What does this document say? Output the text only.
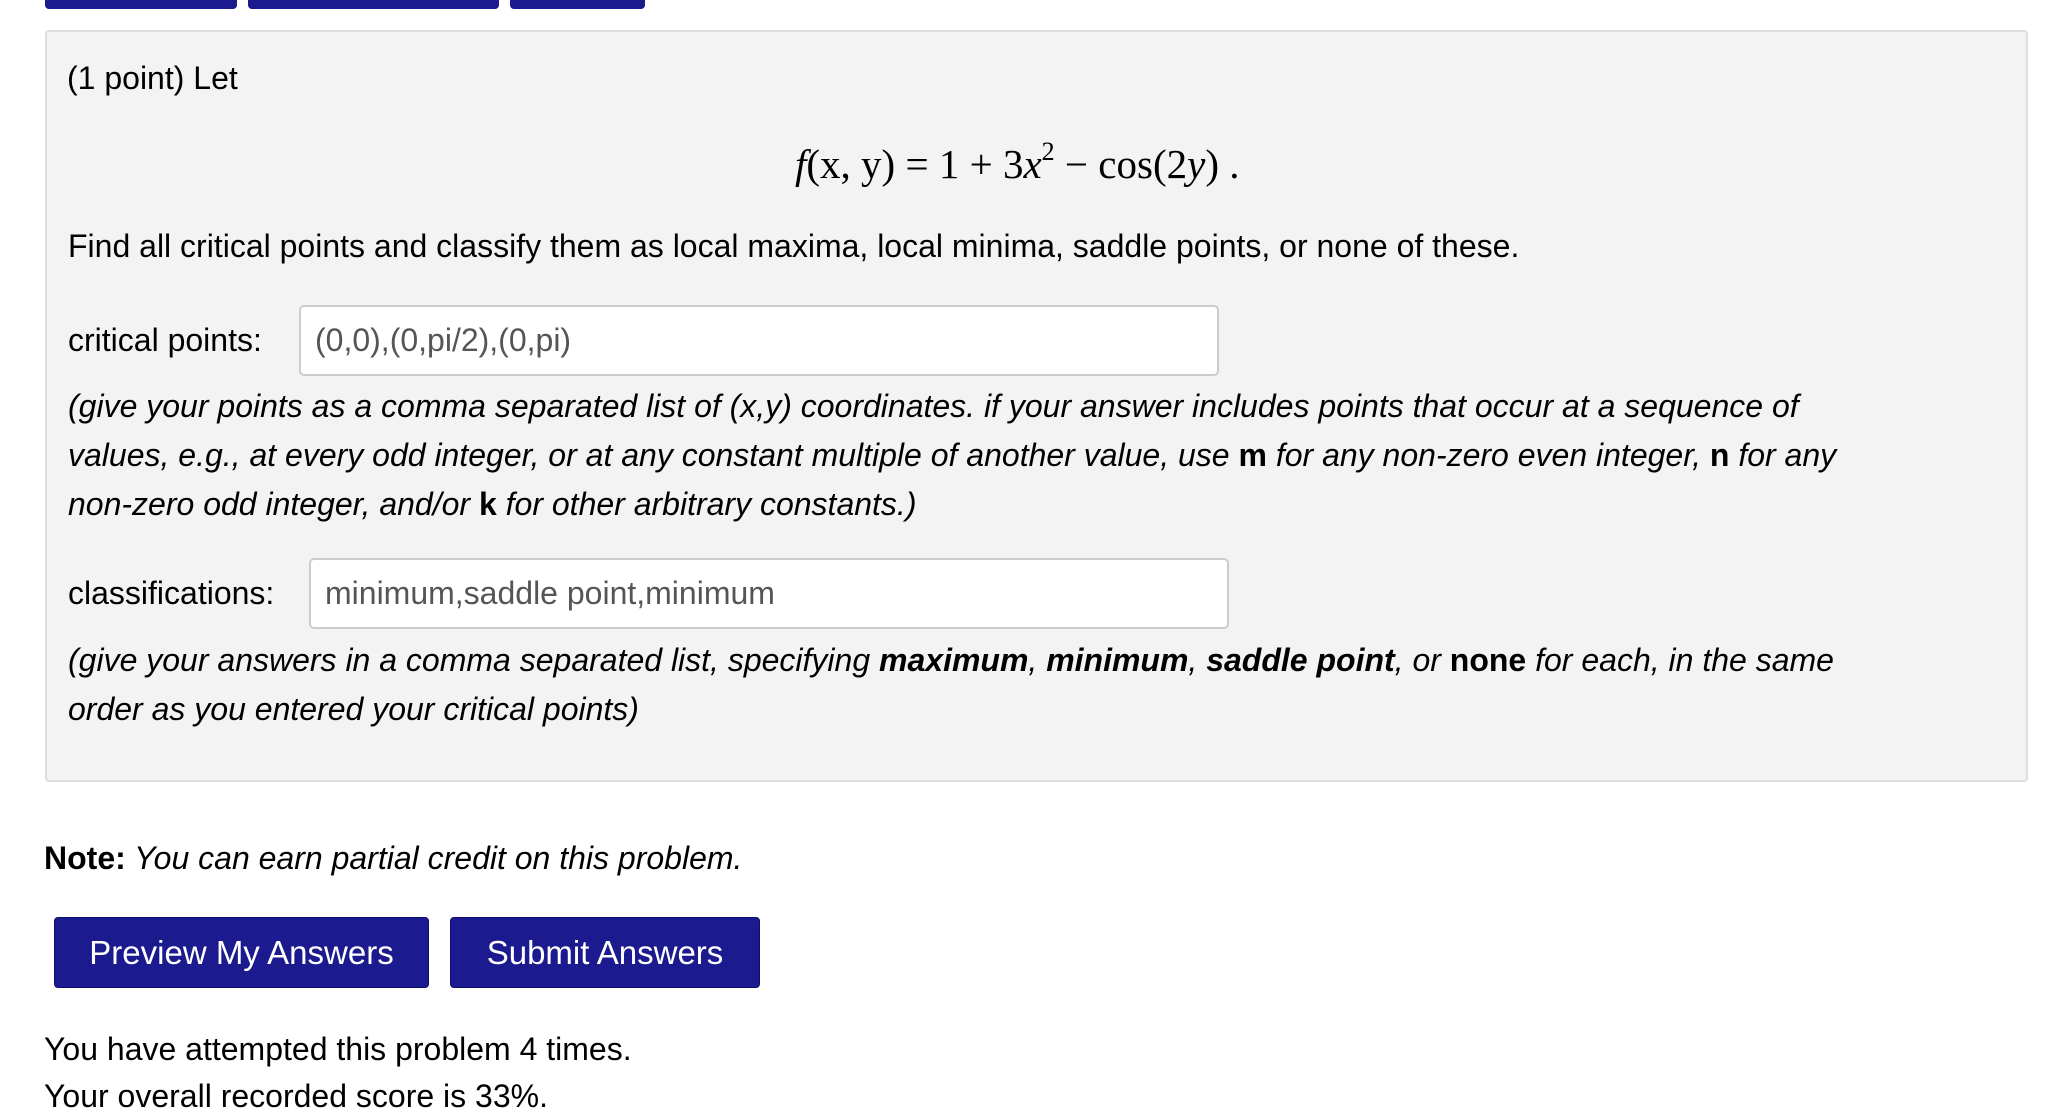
(1 point) Let
f(x, $y) = 1 + 3x^2 - \cos(2y)$ .
Find all critical points and classify them as local maxima, local minima, saddle points, or none of these.
critical points:
(0,0),(0,pi/2),(0,pi)
(give your points as a comma separated list of (x,y) coordinates. if your answer includes points that occur at a sequence of
values, e.g., at every odd integer, or at any constant multiple of another value, use m for any non-zero even integer, n for any
non-zero odd integer, and/or k for other arbitrary constants.)
classifications:
minimum,saddle point,minimum
(give your answers in a comma separated list, specifying maximum, minimum, saddle point, or none for each, in the same
order as you entered your critical points)
Note: You can earn partial credit on this problem.
Preview My Answers	Submit Answers
You have attempted this problem 4 times.
Your overall recorded score is 33%.
